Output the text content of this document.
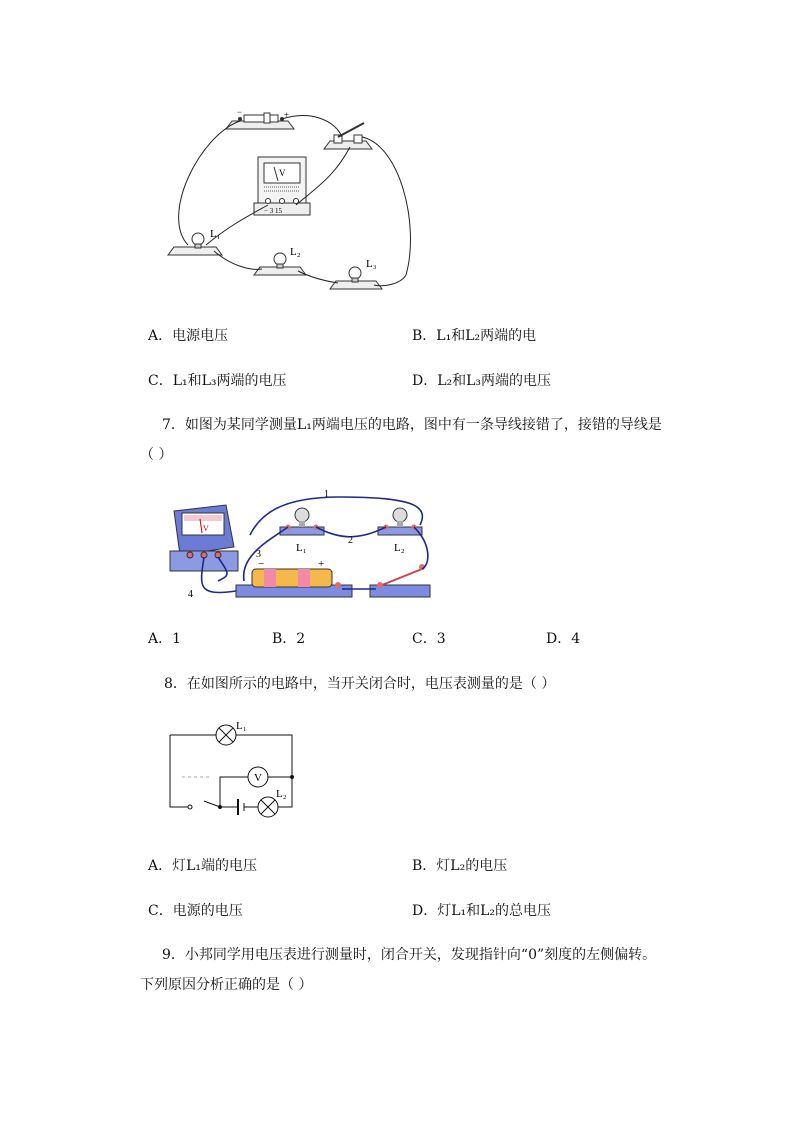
−	+
V
− 3 15
L₁
L₂
L₃
A．电源电压	B．L₁和L₂两端的电
C．L₁和L₃两端的电压	D．L₂和L₃两端的电压
7．如图为某同学测量L₁两端电压的电路，图中有一条导线接错了，接错的导线是
（ ）
V
L₁	L₂
−	+
1
2
3
4
A．1	B．2	C．3	D．4
8．在如图所示的电路中，当开关闭合时，电压表测量的是（ ）
L₁
V
L₂
A．灯L₁端的电压	B．灯L₂的电压
C．电源的电压	D．灯L₁和L₂的总电压
9．小邦同学用电压表进行测量时，闭合开关，发现指针向“0”刻度的左侧偏转。
下列原因分析正确的是（ ）
